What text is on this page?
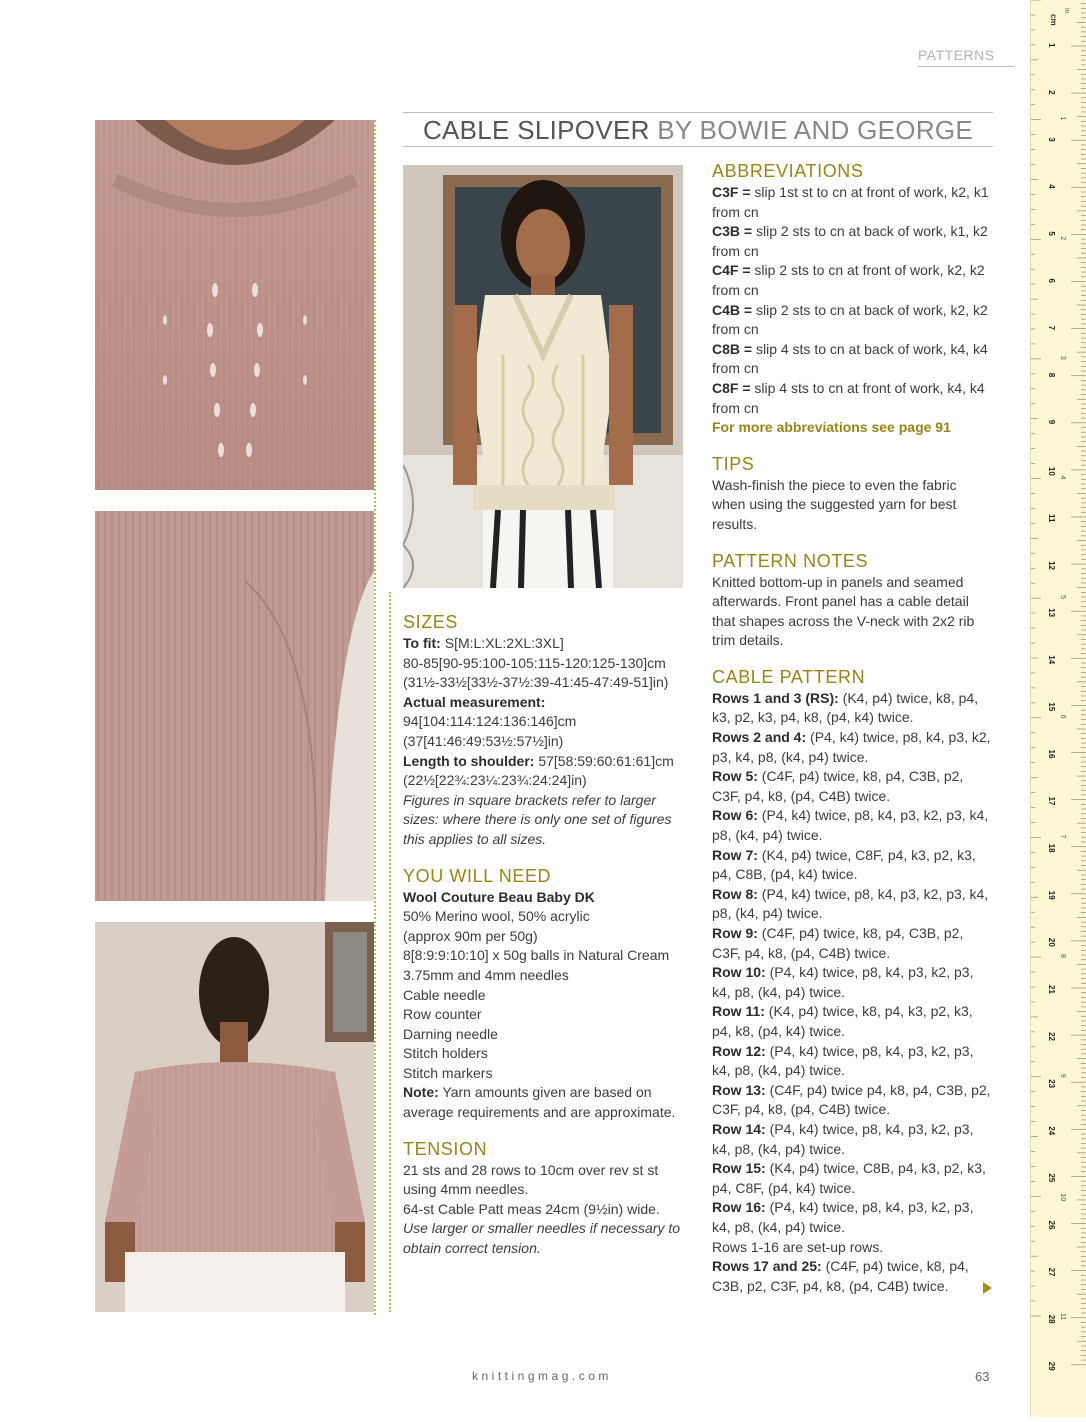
PATTERNS
CABLE SLIPOVER BY BOWIE AND GEORGE
SIZES

To fit: S[M:L:XL:2XL:3XL]

80-85[90-95:100-105:115-120:125-130]cm

(31½-33½[33½-37½:39-41:45-47:49-51]in)

Actual measurement:

94[104:114:124:136:146]cm

(37[41:46:49:53½:57½]in)

Length to shoulder: 57[58:59:60:61:61]cm

(22½[22¾:23¼:23¾:24:24]in)

Figures in square brackets refer to larger sizes: where there is only one set of figures this applies to all sizes.

YOU WILL NEED

Wool Couture Beau Baby DK

50% Merino wool, 50% acrylic

(approx 90m per 50g)

8[8:9:9:10:10] x 50g balls in Natural Cream

3.75mm and 4mm needles

Cable needle

Row counter

Darning needle

Stitch holders

Stitch markers

Note: Yarn amounts given are based on average requirements and are approximate.

TENSION

21 sts and 28 rows to 10cm over rev st st using 4mm needles.

64-st Cable Patt meas 24cm (9½in) wide.

Use larger or smaller needles if necessary to obtain correct tension.

ABBREVIATIONS

C3F = slip 1st st to cn at front of work, k2, k1 from cn

C3B = slip 2 sts to cn at back of work, k1, k2 from cn

C4F = slip 2 sts to cn at front of work, k2, k2 from cn

C4B = slip 2 sts to cn at back of work, k2, k2 from cn

C8B = slip 4 sts to cn at back of work, k4, k4 from cn

C8F = slip 4 sts to cn at front of work, k4, k4 from cn

For more abbreviations see page 91

TIPS

Wash-finish the piece to even the fabric when using the suggested yarn for best results.

PATTERN NOTES

Knitted bottom-up in panels and seamed afterwards. Front panel has a cable detail that shapes across the V-neck with 2x2 rib trim details.

CABLE PATTERN

Rows 1 and 3 (RS): (K4, p4) twice, k8, p4, k3, p2, k3, p4, k8, (p4, k4) twice.

Rows 2 and 4: (P4, k4) twice, p8, k4, p3, k2, p3, k4, p8, (k4, p4) twice.

Row 5: (C4F, p4) twice, k8, p4, C3B, p2, C3F, p4, k8, (p4, C4B) twice.

Row 6: (P4, k4) twice, p8, k4, p3, k2, p3, k4, p8, (k4, p4) twice.

Row 7: (K4, p4) twice, C8F, p4, k3, p2, k3, p4, C8B, (p4, k4) twice.

Row 8: (P4, k4) twice, p8, k4, p3, k2, p3, k4, p8, (k4, p4) twice.

Row 9: (C4F, p4) twice, k8, p4, C3B, p2, C3F, p4, k8, (p4, C4B) twice.

Row 10: (P4, k4) twice, p8, k4, p3, k2, p3, k4, p8, (k4, p4) twice.

Row 11: (K4, p4) twice, k8, p4, k3, p2, k3, p4, k8, (p4, k4) twice.

Row 12: (P4, k4) twice, p8, k4, p3, k2, p3, k4, p8, (k4, p4) twice.

Row 13: (C4F, p4) twice p4, k8, p4, C3B, p2, C3F, p4, k8, (p4, C4B) twice.

Row 14: (P4, k4) twice, p8, k4, p3, k2, p3, k4, p8, (k4, p4) twice.

Row 15: (K4, p4) twice, C8B, p4, k3, p2, k3, p4, C8F, (p4, k4) twice.

Row 16: (P4, k4) twice, p8, k4, p3, k2, p3, k4, p8, (k4, p4) twice.

Rows 1-16 are set-up rows.

Rows 17 and 25: (C4F, p4) twice, k8, p4, C3B, p2, C3F, p4, k8, (p4, C4B) twice.

knittingmag.com	63
cm
in
1
2
3
4
5
6
7
8
9
10
11
12
13
14
15
16
17
18
19
20
21
22
23
24
25
26
27
28
29
1
2
3
4
5
6
7
8
9
10
11
